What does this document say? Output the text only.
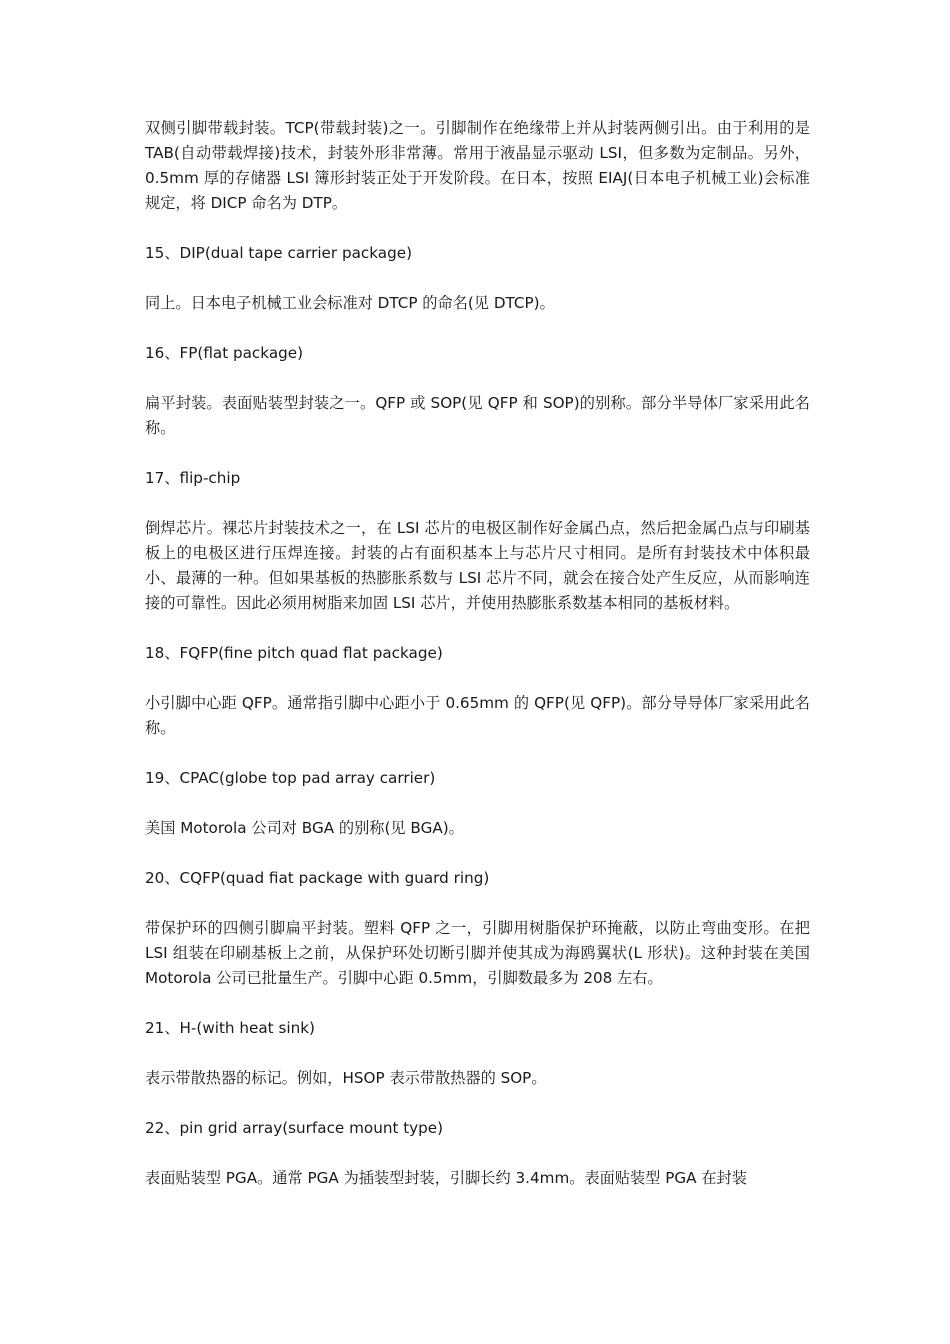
双侧引脚带载封装。TCP(带载封装)之一。引脚制作在绝缘带上并从封装两侧引出。由于利用的是 TAB(自动带载焊接)技术，封装外形非常薄。常用于液晶显示驱动 LSI，但多数为定制品。另外，0.5mm 厚的存储器 LSI 簿形封装正处于开发阶段。在日本，按照 EIAJ(日本电子机械工业)会标准规定，将 DICP 命名为 DTP。

15、DIP(dual tape carrier package)

同上。日本电子机械工业会标准对 DTCP 的命名(见 DTCP)。

16、FP(flat package)

扁平封装。表面贴装型封装之一。QFP 或 SOP(见 QFP 和 SOP)的别称。部分半导体厂家采用此名称。

17、flip-chip

倒焊芯片。裸芯片封装技术之一，在 LSI 芯片的电极区制作好金属凸点，然后把金属凸点与印刷基板上的电极区进行压焊连接。封装的占有面积基本上与芯片尺寸相同。是所有封装技术中体积最小、最薄的一种。但如果基板的热膨胀系数与 LSI 芯片不同，就会在接合处产生反应，从而影响连接的可靠性。因此必须用树脂来加固 LSI 芯片，并使用热膨胀系数基本相同的基板材料。

18、FQFP(fine pitch quad flat package)

小引脚中心距 QFP。通常指引脚中心距小于 0.65mm 的 QFP(见 QFP)。部分导导体厂家采用此名称。

19、CPAC(globe top pad array carrier)

美国 Motorola 公司对 BGA 的别称(见 BGA)。

20、CQFP(quad fiat package with guard ring)

带保护环的四侧引脚扁平封装。塑料 QFP 之一，引脚用树脂保护环掩蔽，以防止弯曲变形。在把 LSI 组装在印刷基板上之前，从保护环处切断引脚并使其成为海鸥翼状(L 形状)。这种封装在美国 Motorola 公司已批量生产。引脚中心距 0.5mm，引脚数最多为 208 左右。

21、H-(with heat sink)

表示带散热器的标记。例如，HSOP 表示带散热器的 SOP。

22、pin grid array(surface mount type)

表面贴装型 PGA。通常 PGA 为插装型封装，引脚长约 3.4mm。表面贴装型 PGA 在封装
